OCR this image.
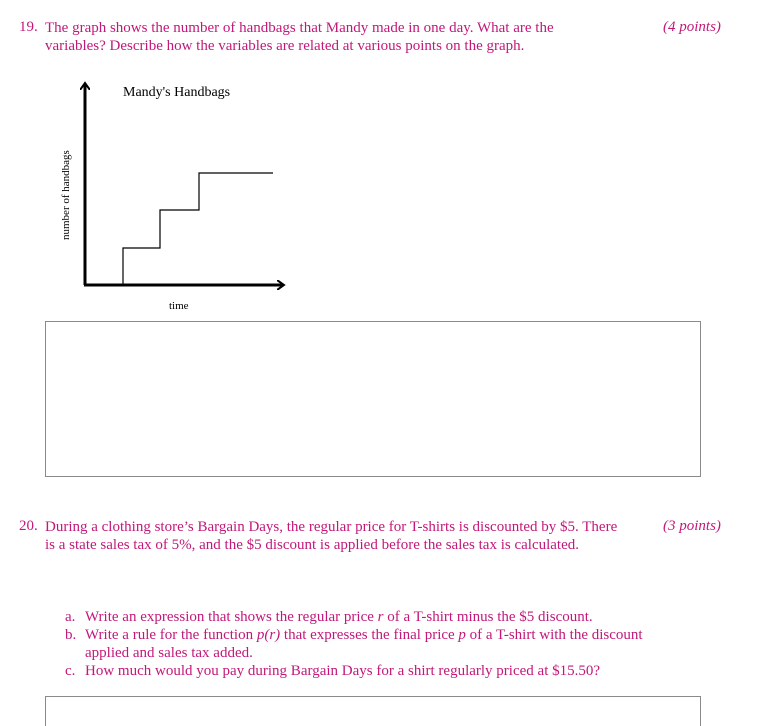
19. The graph shows the number of handbags that Mandy made in one day. What are the variables? Describe how the variables are related at various points on the graph.
(4 points)
Mandy's Handbags
time
number of handbags
20. During a clothing store’s Bargain Days, the regular price for T-shirts is discounted by $5. There is a state sales tax of 5%, and the $5 discount is applied before the sales tax is calculated.
(3 points)
a. Write an expression that shows the regular price r of a T-shirt minus the $5 discount.
b. Write a rule for the function p(r) that expresses the final price p of a T-shirt with the discount applied and sales tax added.
c. How much would you pay during Bargain Days for a shirt regularly priced at $15.50?
